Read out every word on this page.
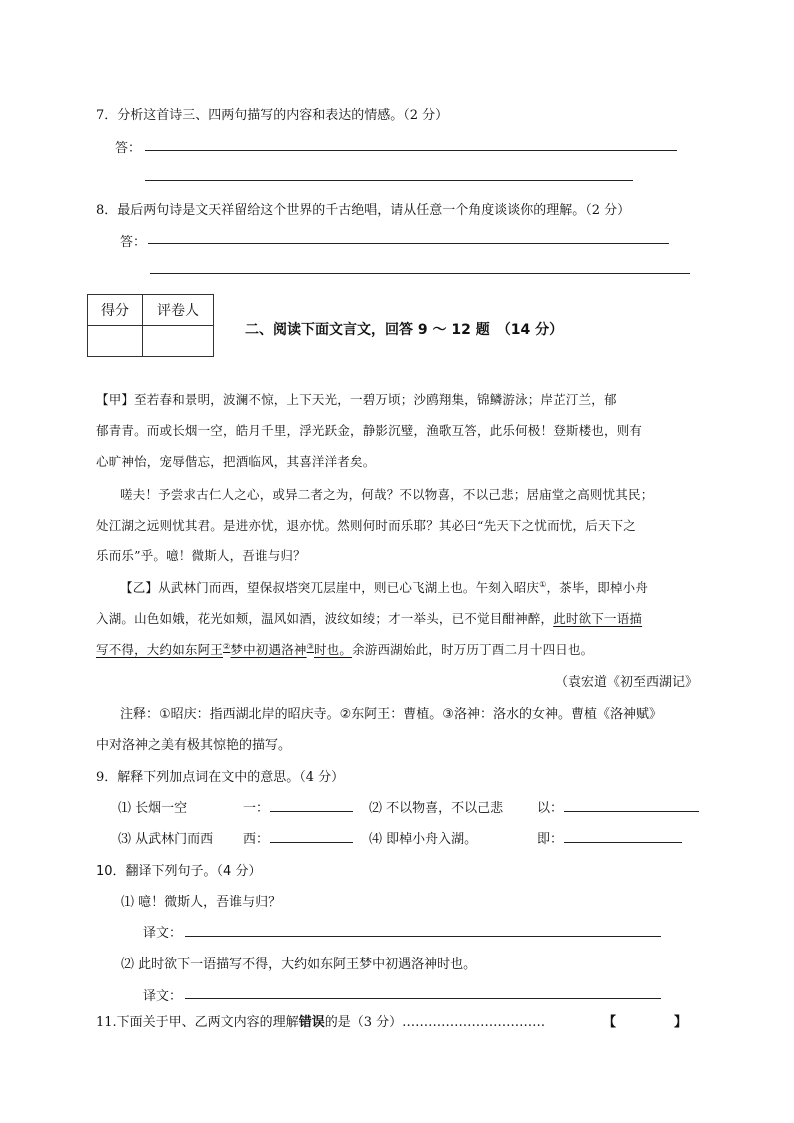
7．分析这首诗三、四两句描写的内容和表达的情感。（2 分）
答：
8．最后两句诗是文天祥留给这个世界的千古绝唱，请从任意一个角度谈谈你的理解。（2 分）
答：
得分	评卷人

二、阅读下面文言文，回答 9 ～ 12 题　（14 分）
【甲】至若春和景明，波澜不惊，上下天光，一碧万顷；沙鸥翔集，锦鳞游泳；岸芷汀兰，郁
郁青青。而或长烟一空，皓月千里，浮光跃金，静影沉璧，渔歌互答，此乐何极！登斯楼也，则有
心旷神怡，宠辱偕忘，把酒临风，其喜洋洋者矣。
嗟夫！予尝求古仁人之心，或异二者之为，何哉？不以物喜，不以己悲；居庙堂之高则忧其民；
处江湖之远则忧其君。是进亦忧，退亦忧。然则何时而乐耶？其必曰“先天下之忧而忧，后天下之
乐而乐”乎。噫！微斯人，吾谁与归？
【乙】从武林门而西，望保叔塔突兀层崖中，则已心飞湖上也。午刻入昭庆①，茶毕，即棹小舟
入湖。山色如娥，花光如颊，温风如酒，波纹如绫；才一举头，已不觉目酣神醉，此时欲下一语描
写不得，大约如东阿王②梦中初遇洛神③时也。余游西湖始此，时万历丁酉二月十四日也。
（袁宏道《初至西湖记》
注释：①昭庆：指西湖北岸的昭庆寺。②东阿王：曹植。③洛神：洛水的女神。曹植《洛神赋》
中对洛神之美有极其惊艳的描写。
9．解释下列加点词在文中的意思。（4 分）
⑴ 长烟一空	一：	⑵ 不以物喜，不以己悲	以：
⑶ 从武林门而西 西：	⑷ 即棹小舟入湖。	即：
10．翻译下列句子。（4 分）
⑴ 噫！微斯人，吾谁与归？
译文：
⑵ 此时欲下一语描写不得，大约如东阿王梦中初遇洛神时也。
译文：
11.下面关于甲、乙两文内容的理解错误的是（3 分）……………………………	【	】
